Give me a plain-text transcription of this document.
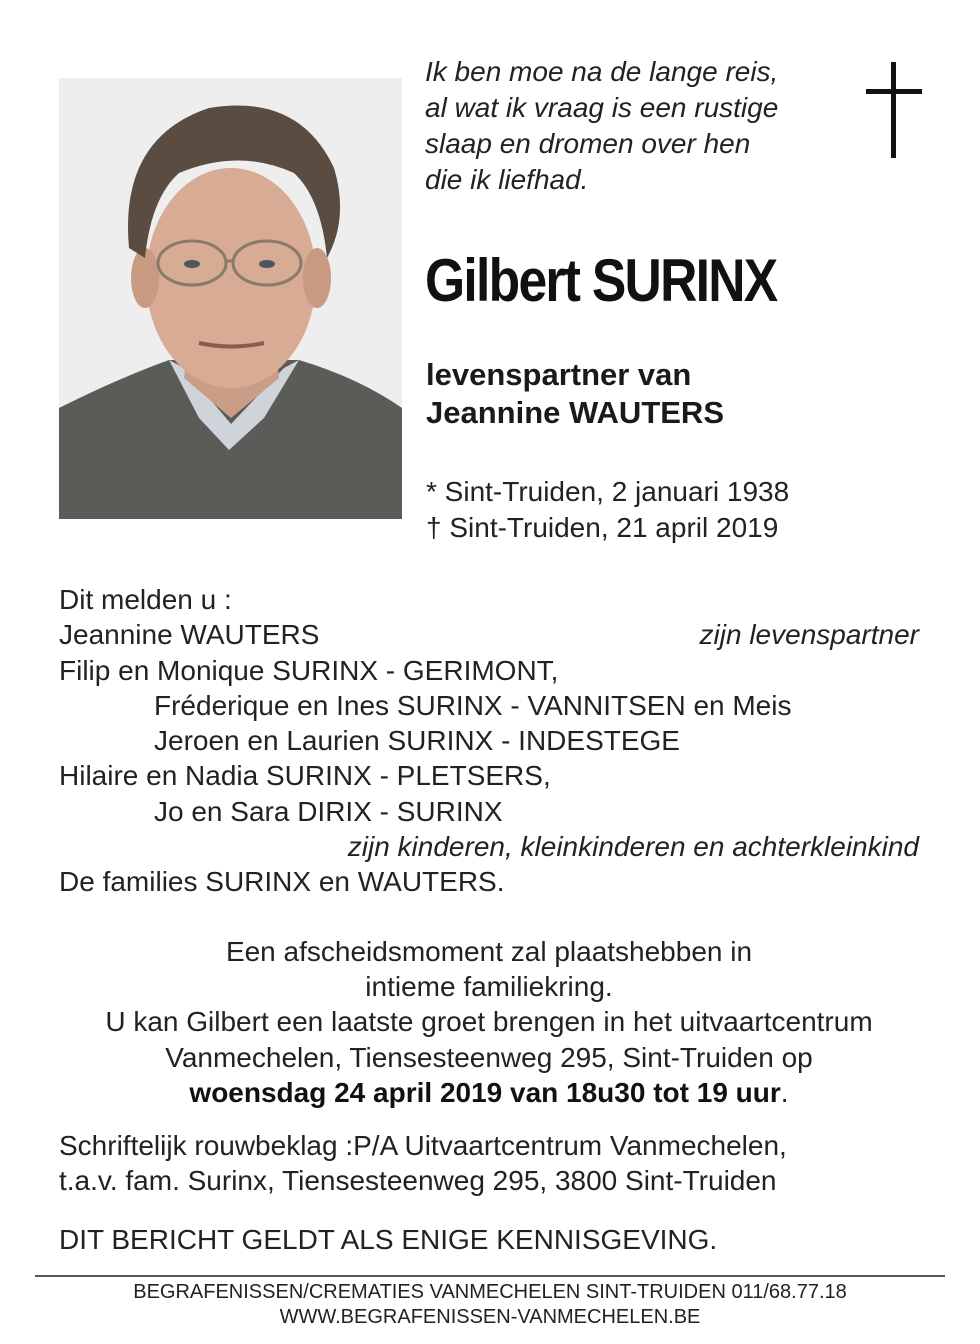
Ik ben moe na de lange reis,
al wat ik vraag is een rustige
slaap en dromen over hen
die ik liefhad.
Gilbert SURINX
levenspartner van
Jeannine WAUTERS
* Sint-Truiden, 2 januari 1938
† Sint-Truiden, 21 april 2019
Dit melden u :
Jeannine WAUTERS	zijn levenspartner
Filip en Monique SURINX - GERIMONT,
Fréderique en Ines SURINX - VANNITSEN en Meis
Jeroen en Laurien SURINX - INDESTEGE
Hilaire en Nadia SURINX - PLETSERS,
Jo en Sara DIRIX - SURINX
zijn kinderen, kleinkinderen en achterkleinkind
De families SURINX en WAUTERS.
Een afscheidsmoment zal plaatshebben in
intieme familiekring.
U kan Gilbert een laatste groet brengen in het uitvaartcentrum
Vanmechelen, Tiensesteenweg 295, Sint-Truiden op
woensdag 24 april 2019 van 18u30 tot 19 uur.
Schriftelijk rouwbeklag :P/A Uitvaartcentrum Vanmechelen,
t.a.v. fam. Surinx, Tiensesteenweg 295, 3800 Sint-Truiden
DIT BERICHT GELDT ALS ENIGE KENNISGEVING.
BEGRAFENISSEN/CREMATIES VANMECHELEN SINT-TRUIDEN 011/68.77.18
WWW.BEGRAFENISSEN-VANMECHELEN.BE
